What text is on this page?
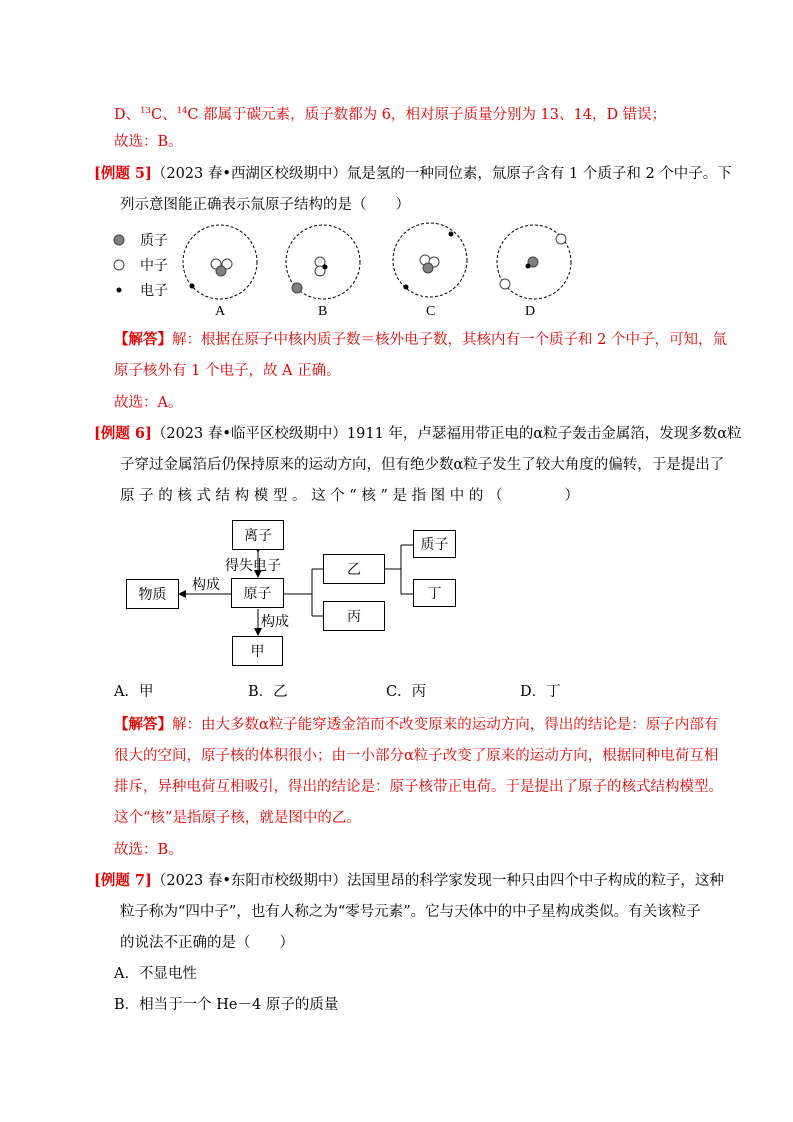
D、$^{13}$C、$^{14}$C 都属于碳元素，质子数都为 6，相对原子质量分别为 13、14，D 错误；
故选：B。
[例题 5]（2023 春•西湖区校级期中）氚是氢的一种同位素，氚原子含有 1 个质子和 2 个中子。下
列示意图能正确表示氚原子结构的是（　　）
质子
中子
电子
A	B	C	D
【解答】解：根据在原子中核内质子数＝核外电子数，其核内有一个质子和 2 个中子，可知，氚
原子核外有 1 个电子，故 A 正确。
故选：A。
[例题 6]（2023 春•临平区校级期中）1911 年，卢瑟福用带正电的α粒子轰击金属箔，发现多数α粒
子穿过金属箔后仍保持原来的运动方向，但有绝少数α粒子发生了较大角度的偏转，于是提出了
原 子 的 核 式 结 构 模 型 。 这 个 “ 核 ” 是 指 图 中 的 （ 　 　 　 ）
离子
得失电子
原子
物质
构成
构成
甲
乙
丙
质子
丁
A．甲	B．乙	C．丙	D．丁
【解答】解：由大多数α粒子能穿透金箔而不改变原来的运动方向，得出的结论是：原子内部有
很大的空间，原子核的体积很小；由一小部分α粒子改变了原来的运动方向，根据同种电荷互相
排斥，异种电荷互相吸引，得出的结论是：原子核带正电荷。于是提出了原子的核式结构模型。
这个“核”是指原子核，就是图中的乙。
故选：B。
[例题 7]（2023 春•东阳市校级期中）法国里昂的科学家发现一种只由四个中子构成的粒子，这种
粒子称为“四中子”，也有人称之为“零号元素”。它与天体中的中子星构成类似。有关该粒子
的说法不正确的是（　　）
A．不显电性
B．相当于一个 He－4 原子的质量
